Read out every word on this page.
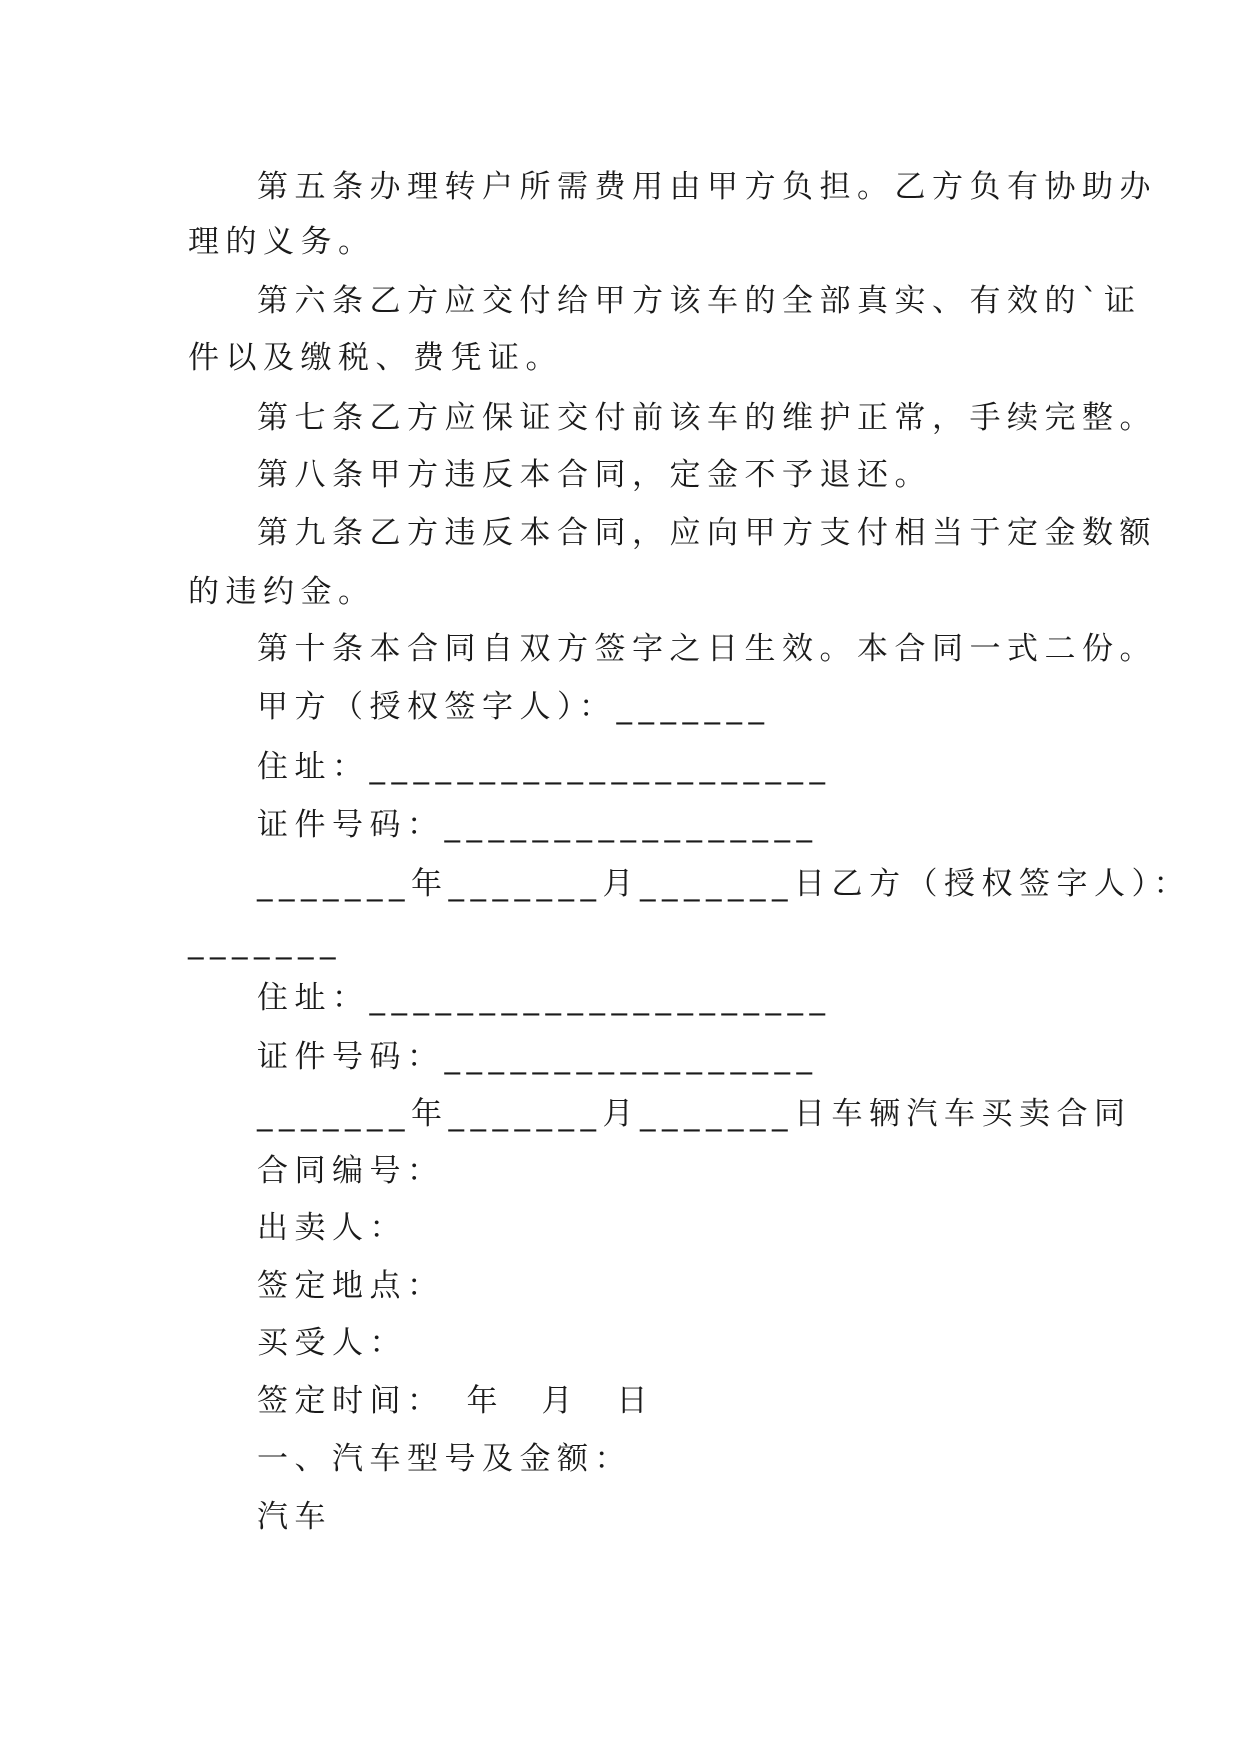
第五条办理转户所需费用由甲方负担。乙方负有协助办
理的义务。
第六条乙方应交付给甲方该车的全部真实、有效的`证
件以及缴税、费凭证。
第七条乙方应保证交付前该车的维护正常，手续完整。
第八条甲方违反本合同，定金不予退还。
第九条乙方违反本合同，应向甲方支付相当于定金数额
的违约金。
第十条本合同自双方签字之日生效。本合同一式二份。
甲方（授权签字人）：_______
住址：_____________________
证件号码：_________________
_______年_______月_______日乙方（授权签字人）：
_______
住址：_____________________
证件号码：_________________
_______年_______月_______日车辆汽车买卖合同
合同编号：
出卖人：
签定地点：
买受人：
签定时间：　年　月　日
一、汽车型号及金额：
汽车
